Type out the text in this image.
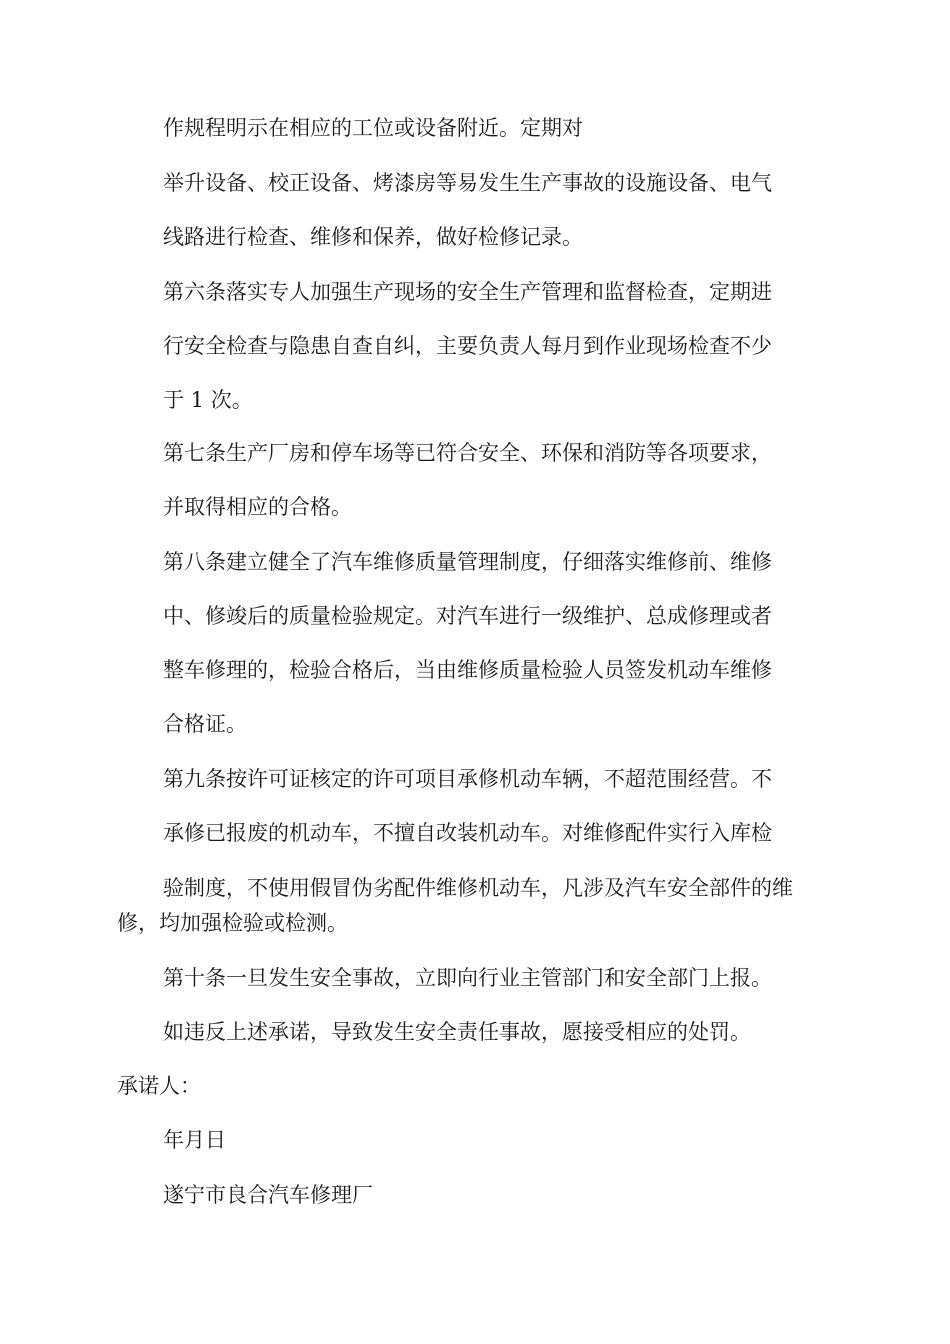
作规程明示在相应的工位或设备附近。定期对
举升设备、校正设备、烤漆房等易发生生产事故的设施设备、电气
线路进行检查、维修和保养，做好检修记录。
第六条落实专人加强生产现场的安全生产管理和监督检查，定期进
行安全检查与隐患自查自纠，主要负责人每月到作业现场检查不少
于 1 次。
第七条生产厂房和停车场等已符合安全、环保和消防等各项要求，
并取得相应的合格。
第八条建立健全了汽车维修质量管理制度，仔细落实维修前、维修
中、修竣后的质量检验规定。对汽车进行一级维护、总成修理或者
整车修理的，检验合格后，当由维修质量检验人员签发机动车维修
合格证。
第九条按许可证核定的许可项目承修机动车辆，不超范围经营。不
承修已报废的机动车，不擅自改装机动车。对维修配件实行入库检
验制度，不使用假冒伪劣配件维修机动车，凡涉及汽车安全部件的维
修，均加强检验或检测。
第十条一旦发生安全事故，立即向行业主管部门和安全部门上报。
如违反上述承诺，导致发生安全责任事故，愿接受相应的处罚。
承诺人：
年月日
遂宁市良合汽车修理厂
